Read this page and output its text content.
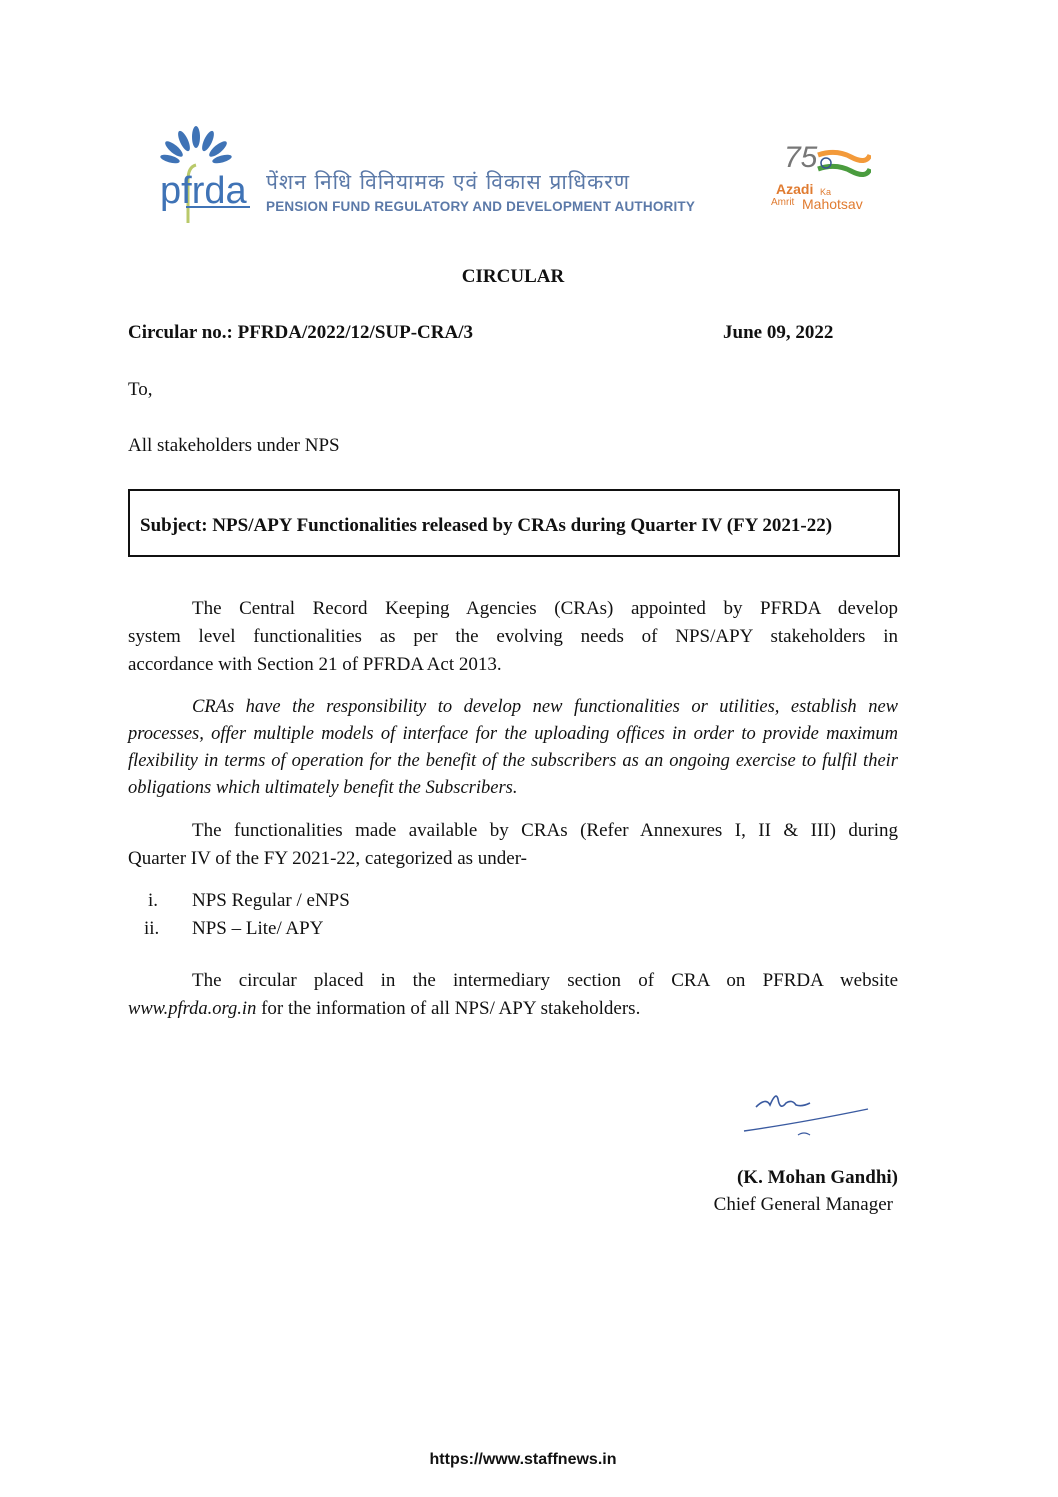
pfrda पेंशन निधि विनियामक एवं विकास प्राधिकरण
PENSION FUND REGULATORY AND DEVELOPMENT AUTHORITY
75
Azadi Ka
Amrit Mahotsav
CIRCULAR
Circular no.: PFRDA/2022/12/SUP-CRA/3	June 09, 2022
To,
All stakeholders under NPS
Subject: NPS/APY Functionalities released by CRAs during Quarter IV (FY 2021-22)
The Central Record Keeping Agencies (CRAs) appointed by PFRDA develop
system level functionalities as per the evolving needs of NPS/APY stakeholders in
accordance with Section 21 of PFRDA Act 2013.
CRAs have the responsibility to develop new functionalities or utilities, establish new
processes, offer multiple models of interface for the uploading offices in order to provide maximum
flexibility in terms of operation for the benefit of the subscribers as an ongoing exercise to fulfil their
obligations which ultimately benefit the Subscribers.
The functionalities made available by CRAs (Refer Annexures I, II & III) during
Quarter IV of the FY 2021-22, categorized as under-
i. NPS Regular / eNPS
ii. NPS – Lite/ APY
The circular placed in the intermediary section of CRA on PFRDA website
www.pfrda.org.in for the information of all NPS/ APY stakeholders.
(K. Mohan Gandhi)
Chief General Manager
https://www.staffnews.in
